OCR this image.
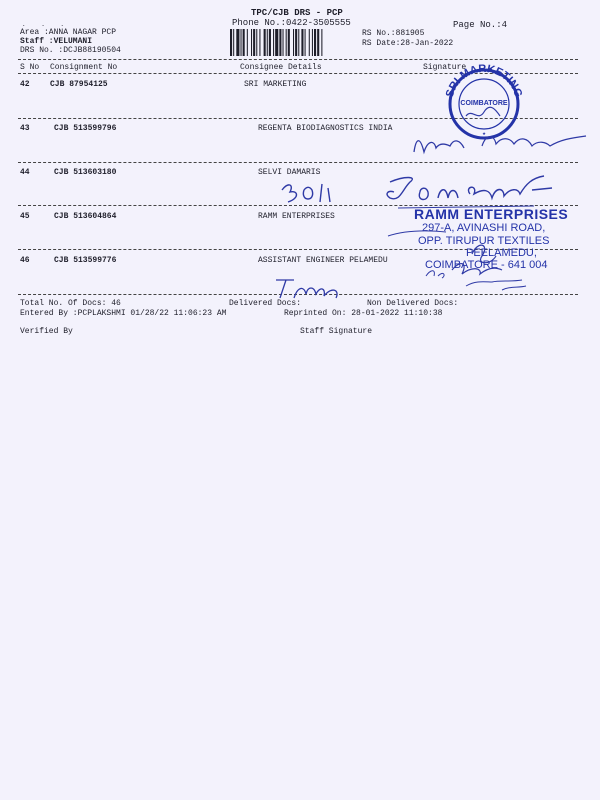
TPC/CJB DRS - PCP
Phone No.:0422-3505555	Page No.:4
. . .
Area :ANNA NAGAR PCP
Staff :VELUMANI
DRS No. :DCJB88190504
RS No.:881905
RS Date:28-Jan-2022
S No Consignment No	Consignee Details	Signature
42	CJB 87954125	SRI MARKETING
43	CJB 513599796	REGENTA BIODIAGNOSTICS INDIA
44	CJB 513603180	SELVI DAMARIS
45	CJB 513604864	RAMM ENTERPRISES
46	CJB 513599776	ASSISTANT ENGINEER PELAMEDU
Total No. Of Docs: 46	Delivered Docs:	Non Delivered Docs:
Entered By :PCPLAKSHMI 01/28/22 11:06:23 AM	Reprinted On: 28-01-2022 11:10:38
Verified By	Staff Signature
SRI MARKETING
COIMBATORE
★
RAMM ENTERPRISES
297-A, AVINASHI ROAD,
OPP. TIRUPUR TEXTILES
PEELAMEDU,
COIMBATORE - 641 004
